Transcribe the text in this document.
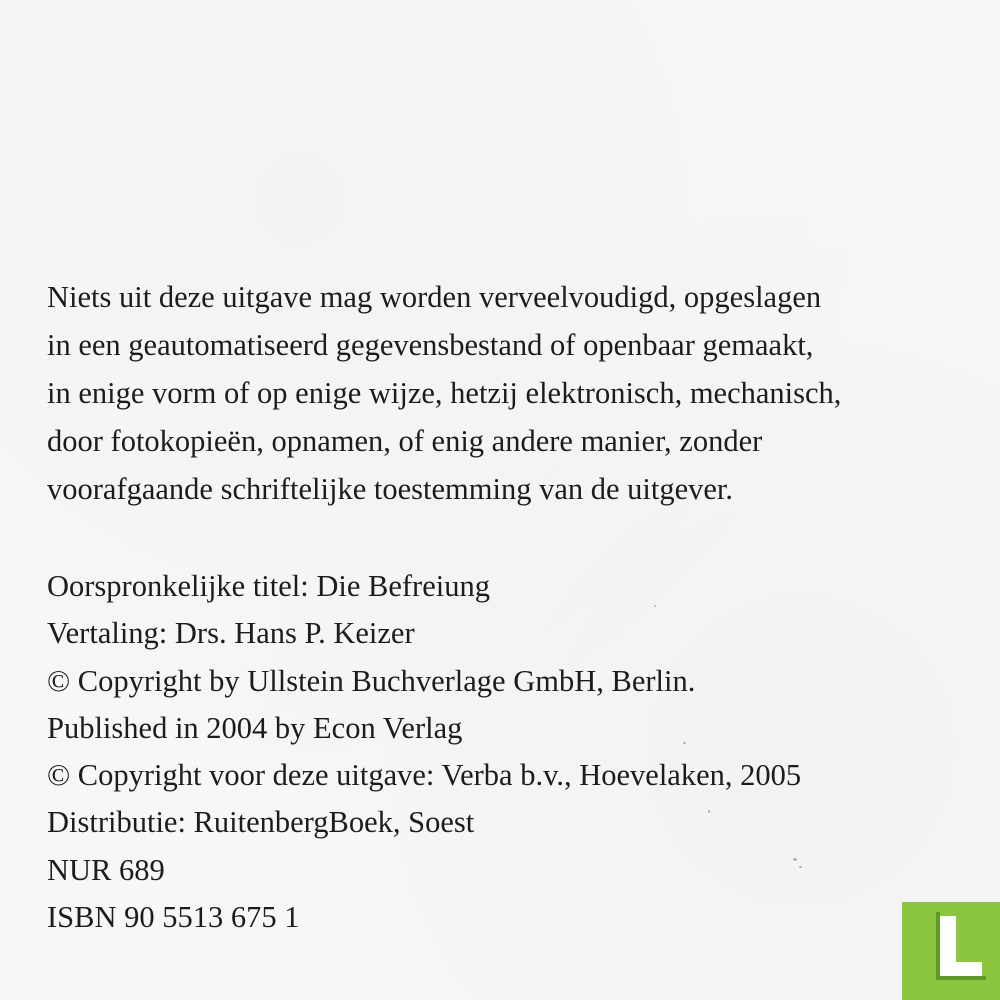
Niets uit deze uitgave mag worden verveelvoudigd, opgeslagen
in een geautomatiseerd gegevensbestand of openbaar gemaakt,
in enige vorm of op enige wijze, hetzij elektronisch, mechanisch,
door fotokopieën, opnamen, of enig andere manier, zonder
voorafgaande schriftelijke toestemming van de uitgever.
Oorspronkelijke titel: Die Befreiung
Vertaling: Drs. Hans P. Keizer
© Copyright by Ullstein Buchverlage GmbH, Berlin.
Published in 2004 by Econ Verlag
© Copyright voor deze uitgave: Verba b.v., Hoevelaken, 2005
Distributie: RuitenbergBoek, Soest
NUR 689
ISBN 90 5513 675 1
